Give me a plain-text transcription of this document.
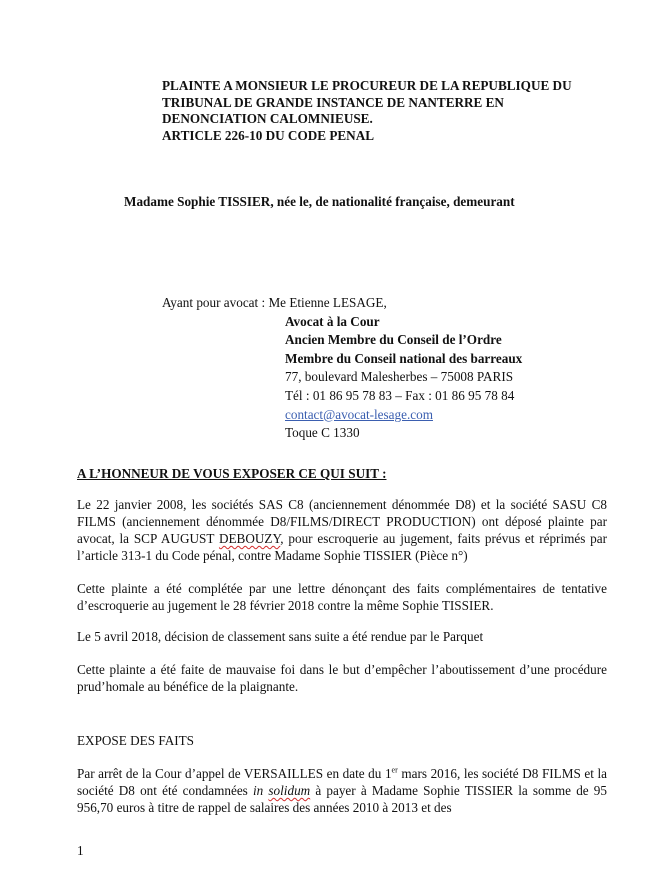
PLAINTE A MONSIEUR LE PROCUREUR DE LA REPUBLIQUE DU
TRIBUNAL DE GRANDE INSTANCE DE NANTERRE EN
DENONCIATION CALOMNIEUSE.
ARTICLE 226-10 DU CODE PENAL
Madame Sophie TISSIER, née le, de nationalité française, demeurant
Ayant pour avocat : Me Etienne LESAGE,
Avocat à la Cour
Ancien Membre du Conseil de l’Ordre
Membre du Conseil national des barreaux
77, boulevard Malesherbes – 75008 PARIS
Tél : 01 86 95 78 83 – Fax : 01 86 95 78 84
contact@avocat-lesage.com
Toque C 1330
A L’HONNEUR DE VOUS EXPOSER CE QUI SUIT :
Le 22 janvier 2008, les sociétés SAS C8 (anciennement dénommée D8) et la société SASU C8 FILMS (anciennement dénommée D8/FILMS/DIRECT PRODUCTION) ont déposé plainte par avocat, la SCP AUGUST DEBOUZY, pour escroquerie au jugement, faits prévus et réprimés par l’article 313-1 du Code pénal, contre Madame Sophie TISSIER (Pièce n°)
Cette plainte a été complétée par une lettre dénonçant des faits complémentaires de tentative d’escroquerie au jugement le 28 février 2018 contre la même Sophie TISSIER.
Le 5 avril 2018, décision de classement sans suite a été rendue par le Parquet
Cette plainte a été faite de mauvaise foi dans le but d’empêcher l’aboutissement d’une procédure prud’homale au bénéfice de la plaignante.
EXPOSE DES FAITS
Par arrêt de la Cour d’appel de VERSAILLES en date du 1er mars 2016, les société D8 FILMS et la société D8 ont été condamnées in solidum à payer à Madame Sophie TISSIER la somme de 95 956,70 euros à titre de rappel de salaires des années 2010 à 2013 et des
1
